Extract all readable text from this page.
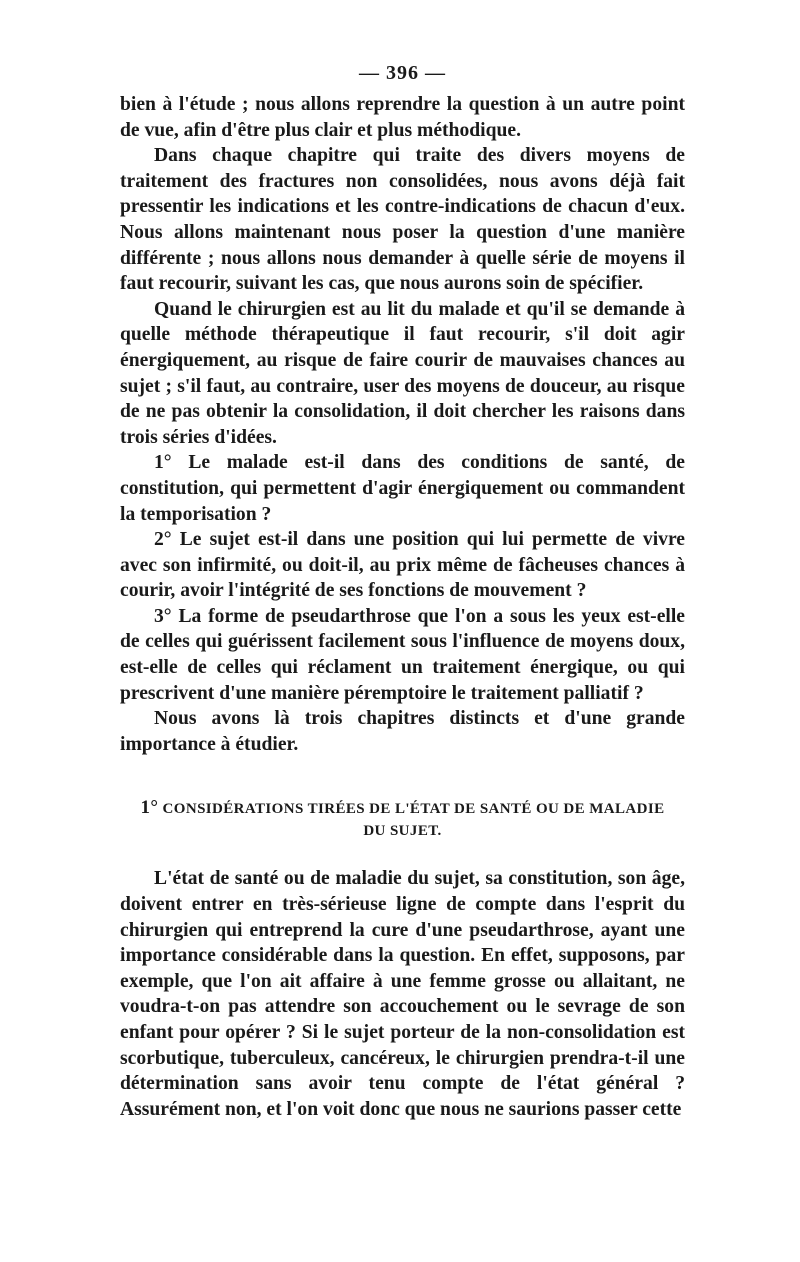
— 396 —

bien à l'étude ; nous allons reprendre la question à un autre point de vue, afin d'être plus clair et plus méthodique.

Dans chaque chapitre qui traite des divers moyens de traitement des fractures non consolidées, nous avons déjà fait pressentir les indications et les contre-indications de chacun d'eux. Nous allons maintenant nous poser la question d'une manière différente ; nous allons nous demander à quelle série de moyens il faut recourir, suivant les cas, que nous aurons soin de spécifier.

Quand le chirurgien est au lit du malade et qu'il se demande à quelle méthode thérapeutique il faut recourir, s'il doit agir énergiquement, au risque de faire courir de mauvaises chances au sujet ; s'il faut, au contraire, user des moyens de douceur, au risque de ne pas obtenir la consolidation, il doit chercher les raisons dans trois séries d'idées.

1° Le malade est-il dans des conditions de santé, de constitution, qui permettent d'agir énergiquement ou commandent la temporisation ?

2° Le sujet est-il dans une position qui lui permette de vivre avec son infirmité, ou doit-il, au prix même de fâcheuses chances à courir, avoir l'intégrité de ses fonctions de mouvement ?

3° La forme de pseudarthrose que l'on a sous les yeux est-elle de celles qui guérissent facilement sous l'influence de moyens doux, est-elle de celles qui réclament un traitement énergique, ou qui prescrivent d'une manière péremptoire le traitement palliatif ?

Nous avons là trois chapitres distincts et d'une grande importance à étudier.

1° CONSIDÉRATIONS TIRÉES DE L'ÉTAT DE SANTÉ OU DE MALADIE
DU SUJET.

L'état de santé ou de maladie du sujet, sa constitution, son âge, doivent entrer en très-sérieuse ligne de compte dans l'esprit du chirurgien qui entreprend la cure d'une pseudarthrose, ayant une importance considérable dans la question. En effet, supposons, par exemple, que l'on ait affaire à une femme grosse ou allaitant, ne voudra-t-on pas attendre son accouchement ou le sevrage de son enfant pour opérer ? Si le sujet porteur de la non-consolidation est scorbutique, tuberculeux, cancéreux, le chirurgien prendra-t-il une détermination sans avoir tenu compte de l'état général ? Assurément non, et l'on voit donc que nous ne saurions passer cette
